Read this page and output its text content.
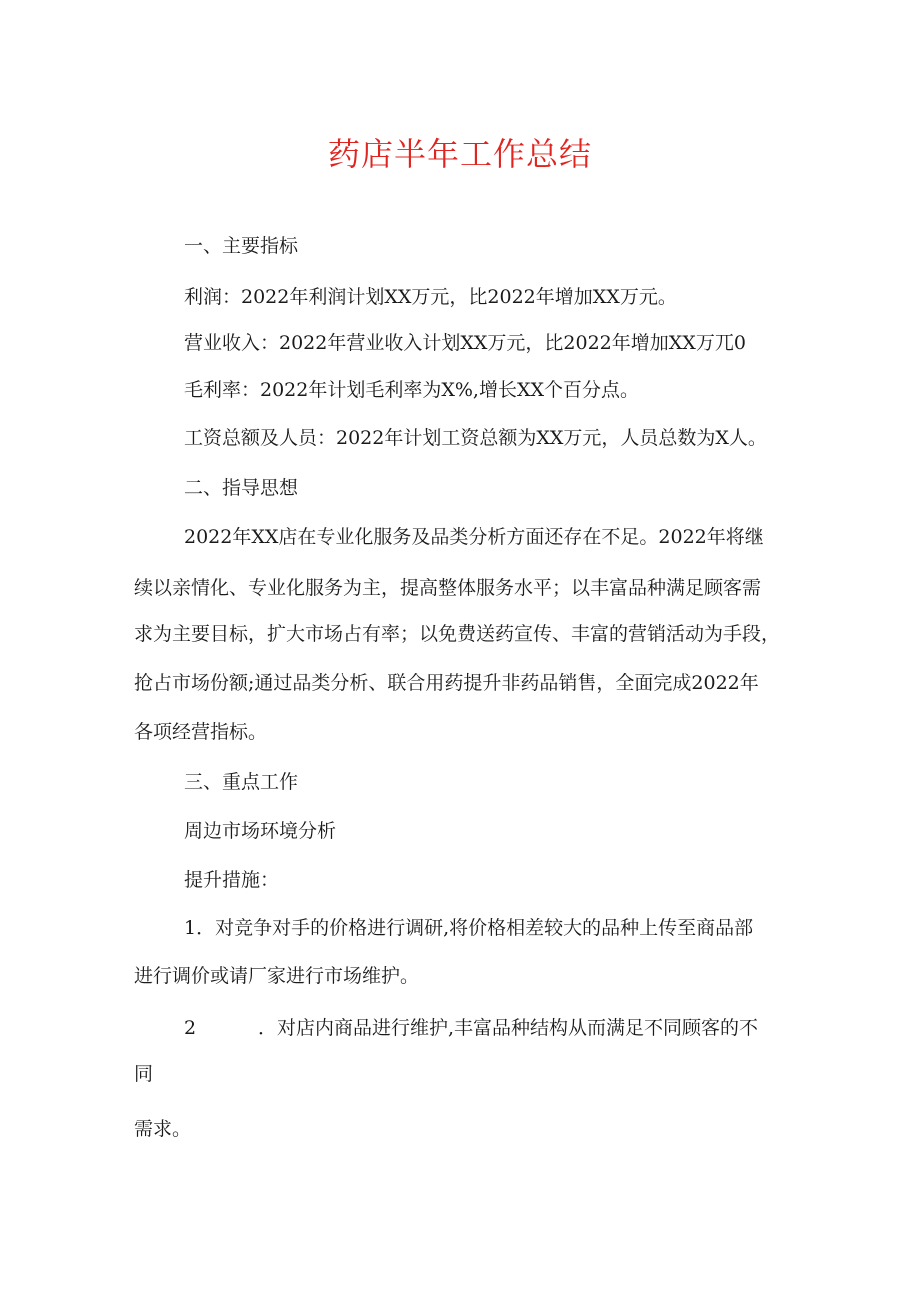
药店半年工作总结
一、主要指标
利润：2022年利润计划XX万元，比2022年增加XX万元。
营业收入：2022年营业收入计划XX万元，比2022年增加XX万兀0
毛利率：2022年计划毛利率为X%,增长XX个百分点。
工资总额及人员：2022年计划工资总额为XX万元，人员总数为X人。
二、指导思想
2022年XX店在专业化服务及品类分析方面还存在不足。2022年将继
续以亲情化、专业化服务为主，提高整体服务水平；以丰富品种满足顾客需
求为主要目标，扩大市场占有率；以免费送药宣传、丰富的营销活动为手段，
抢占市场份额;通过品类分析、联合用药提升非药品销售，全面完成2022年
各项经营指标。
三、重点工作
周边市场环境分析
提升措施：
1．对竞争对手的价格进行调研,将价格相差较大的品种上传至商品部
进行调价或请厂家进行市场维护。
2	．对店内商品进行维护,丰富品种结构从而满足不同顾客的不
同
需求。
